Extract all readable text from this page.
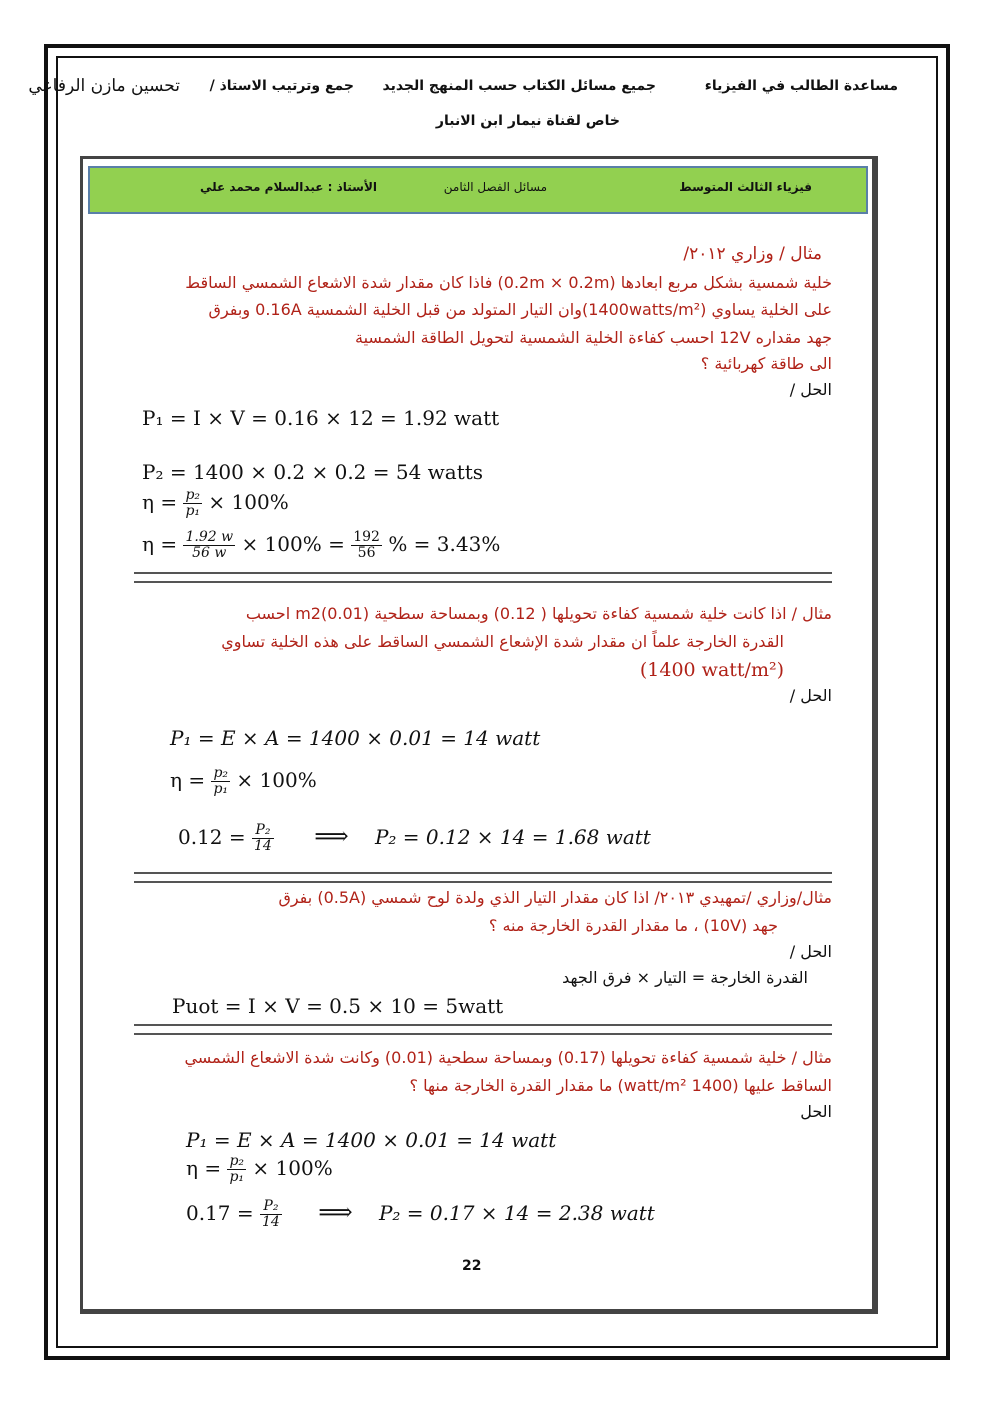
مساعدة الطالب في الفيزياء
جميع مسائل الكتاب حسب المنهج الجديد
جمع وترتيب الاستاذ /
تحسين مازن الرفاعي
خاص لقناة نيمار ابن الانبار
فيزياء الثالث المتوسط
مسائل الفصل الثامن
الأستاذ : عبدالسلام محمد علي
مثال / وزاري ٢٠١٢/
خلية شمسية بشكل مربع ابعادها (0.2m × 0.2m) فاذا كان مقدار شدة الاشعاع الشمسي الساقط
على الخلية يساوي (1400watts/m²)وان التيار المتولد من قبل الخلية الشمسية 0.16A وبفرق
جهد مقداره 12V احسب كفاءة الخلية الشمسية لتحويل الطاقة الشمسية
الى طاقة كهربائية ؟
الحل /
P₁ = I × V = 0.16 × 12 = 1.92 watt
P₂ = 1400 × 0.2 × 0.2 = 54 watts
$\eta = \frac{\text{p₂}}{\text{p₁}} \times 100\%$
$\eta = \frac{1.92 w}{56 w} \times 100\% = \frac{192}{56}$ % = 3.43%
مثال / اذا كانت خلية شمسية كفاءة تحويلها ( 0.12) وبمساحة سطحية (0.01)m2 احسب
القدرة الخارجة علماً ان مقدار شدة الإشعاع الشمسي الساقط على هذه الخلية تساوي
(1400 watt/m²)
الحل /
P₁ = E × A = 1400 × 0.01 = 14 watt
$\eta = \frac{\text{p₂}}{\text{p₁}} \times 100\%$
$0.12 = \frac{\text{P₂}}{14}$ ⟹ P₂ = 0.12 × 14 = 1.68 watt
مثال/وزاري /تمهيدي ٢٠١٣/ اذا كان مقدار التيار الذي ولدة لوح شمسي (0.5A) بفرق
جهد (10V) ، ما مقدار القدرة الخارجة منه ؟
الحل /
القدرة الخارجة = التيار × فرق الجهد
Puot = I × V = 0.5 × 10 = 5watt
مثال / خلية شمسية كفاءة تحويلها (0.17) وبمساحة سطحية (0.01) وكانت شدة الاشعاع الشمسي
الساقط عليها (1400 watt/m²) ما مقدار القدرة الخارجة منها ؟
الحل
P₁ = E × A = 1400 × 0.01 = 14 watt
$\eta = \frac{\text{p₂}}{\text{p₁}} \times 100\%$
$0.17 = \frac{\text{P₂}}{14}$ ⟹ P₂ = 0.17 × 14 = 2.38 watt
22
